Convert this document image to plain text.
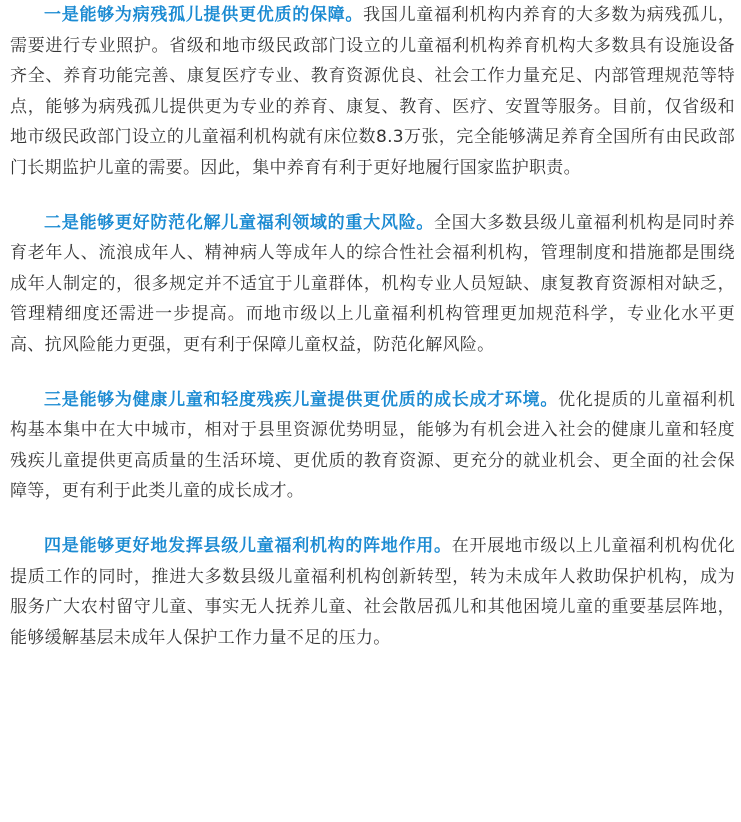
一是能够为病残孤儿提供更优质的保障。我国儿童福利机构内养育的大多数为病残孤儿，需要进行专业照护。省级和地市级民政部门设立的儿童福利机构养育机构大多数具有设施设备齐全、养育功能完善、康复医疗专业、教育资源优良、社会工作力量充足、内部管理规范等特点，能够为病残孤儿提供更为专业的养育、康复、教育、医疗、安置等服务。目前，仅省级和地市级民政部门设立的儿童福利机构就有床位数8.3万张，完全能够满足养育全国所有由民政部门长期监护儿童的需要。因此，集中养育有利于更好地履行国家监护职责。

二是能够更好防范化解儿童福利领域的重大风险。全国大多数县级儿童福利机构是同时养育老年人、流浪成年人、精神病人等成年人的综合性社会福利机构，管理制度和措施都是围绕成年人制定的，很多规定并不适宜于儿童群体，机构专业人员短缺、康复教育资源相对缺乏，管理精细度还需进一步提高。而地市级以上儿童福利机构管理更加规范科学，专业化水平更高、抗风险能力更强，更有利于保障儿童权益，防范化解风险。

三是能够为健康儿童和轻度残疾儿童提供更优质的成长成才环境。优化提质的儿童福利机构基本集中在大中城市，相对于县里资源优势明显，能够为有机会进入社会的健康儿童和轻度残疾儿童提供更高质量的生活环境、更优质的教育资源、更充分的就业机会、更全面的社会保障等，更有利于此类儿童的成长成才。

四是能够更好地发挥县级儿童福利机构的阵地作用。在开展地市级以上儿童福利机构优化提质工作的同时，推进大多数县级儿童福利机构创新转型，转为未成年人救助保护机构，成为服务广大农村留守儿童、事实无人抚养儿童、社会散居孤儿和其他困境儿童的重要基层阵地，能够缓解基层未成年人保护工作力量不足的压力。
